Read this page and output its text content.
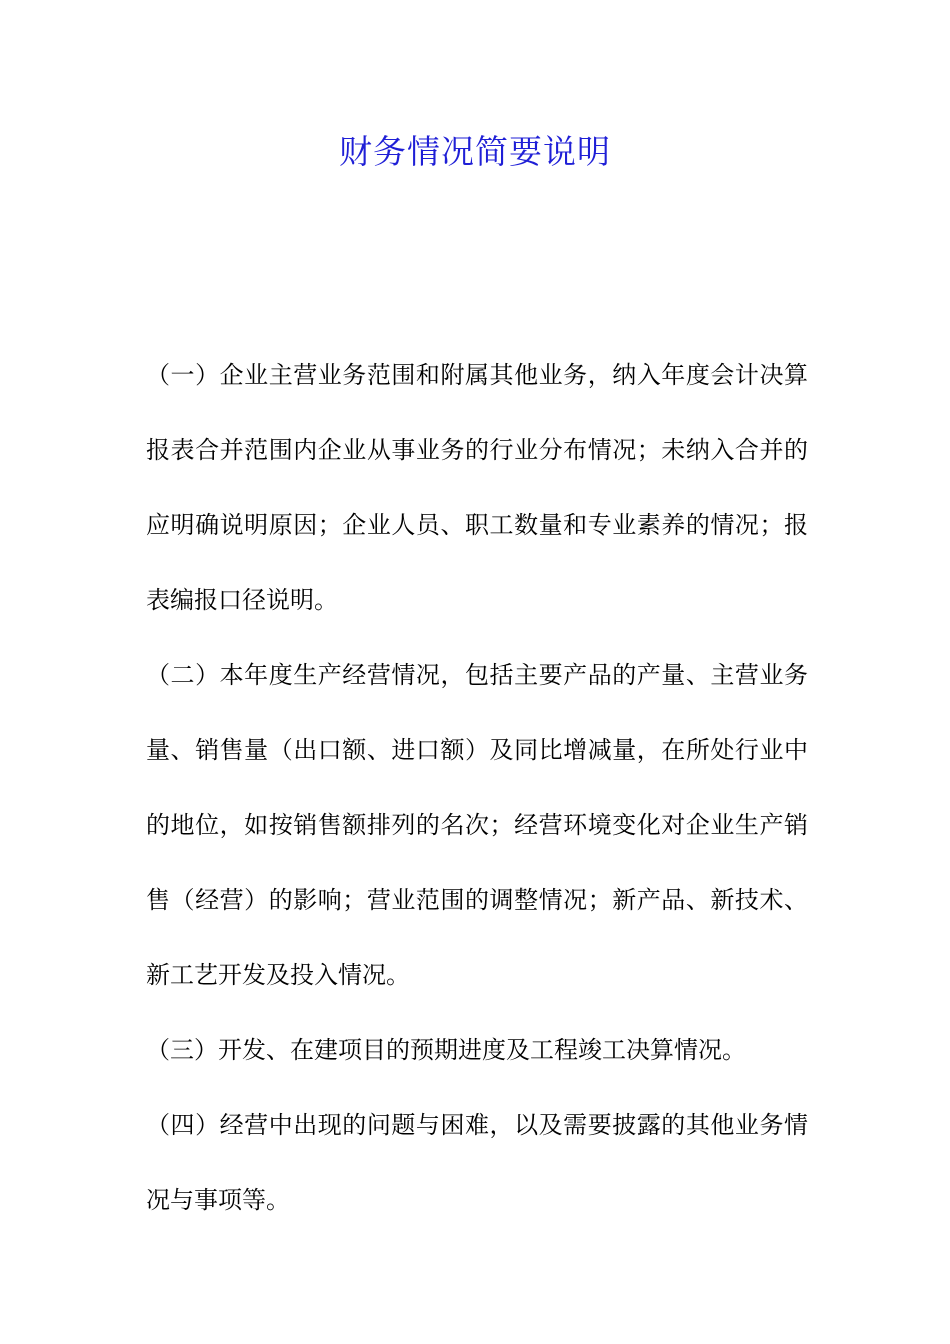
财务情况简要说明

（一）企业主营业务范围和附属其他业务，纳入年度会计决算报表合并范围内企业从事业务的行业分布情况；未纳入合并的应明确说明原因；企业人员、职工数量和专业素养的情况；报表编报口径说明。

（二）本年度生产经营情况，包括主要产品的产量、主营业务量、销售量（出口额、进口额）及同比增减量，在所处行业中的地位，如按销售额排列的名次；经营环境变化对企业生产销售（经营）的影响；营业范围的调整情况；新产品、新技术、新工艺开发及投入情况。

（三）开发、在建项目的预期进度及工程竣工决算情况。

（四）经营中出现的问题与困难，以及需要披露的其他业务情况与事项等。
